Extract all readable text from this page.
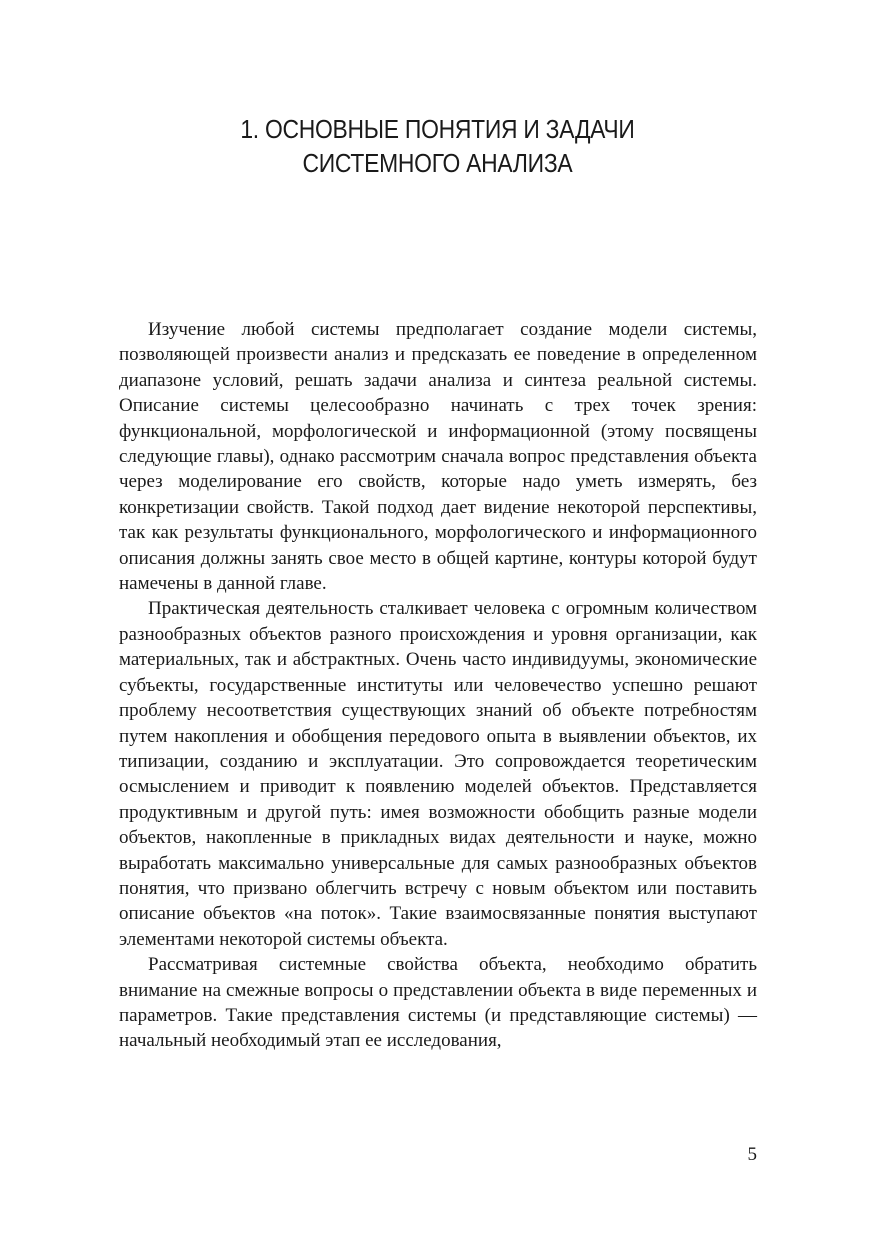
1. ОСНОВНЫЕ ПОНЯТИЯ И ЗАДАЧИ
СИСТЕМНОГО АНАЛИЗА

Изучение любой системы предполагает создание модели системы, позволяющей произвести анализ и предсказать ее поведение в определенном диапазоне условий, решать задачи анализа и синтеза реальной системы. Описание системы целесообразно начинать с трех точек зрения: функциональной, морфологической и информационной (этому посвящены следующие главы), однако рассмотрим сначала вопрос представления объекта через моделирование его свойств, которые надо уметь измерять, без конкретизации свойств. Такой подход дает видение некоторой перспективы, так как результаты функционального, морфологического и информационного описания должны занять свое место в общей картине, контуры которой будут намечены в данной главе.

Практическая деятельность сталкивает человека с огромным количеством разнообразных объектов разного происхождения и уровня организации, как материальных, так и абстрактных. Очень часто индивидуумы, экономические субъекты, государственные институты или человечество успешно решают проблему несоответствия существующих знаний об объекте потребностям путем накопления и обобщения передового опыта в выявлении объектов, их типизации, созданию и эксплуатации. Это сопровождается теоретическим осмыслением и приводит к появлению моделей объектов. Представляется продуктивным и другой путь: имея возможности обобщить разные модели объектов, накопленные в прикладных видах деятельности и науке, можно выработать максимально универсальные для самых разнообразных объектов понятия, что призвано облегчить встречу с новым объектом или поставить описание объектов «на поток». Такие взаимосвязанные понятия выступают элементами некоторой системы объекта.

Рассматривая системные свойства объекта, необходимо обратить внимание на смежные вопросы о представлении объекта в виде переменных и параметров. Такие представления системы (и представляющие системы) — начальный необходимый этап ее исследования,

5
